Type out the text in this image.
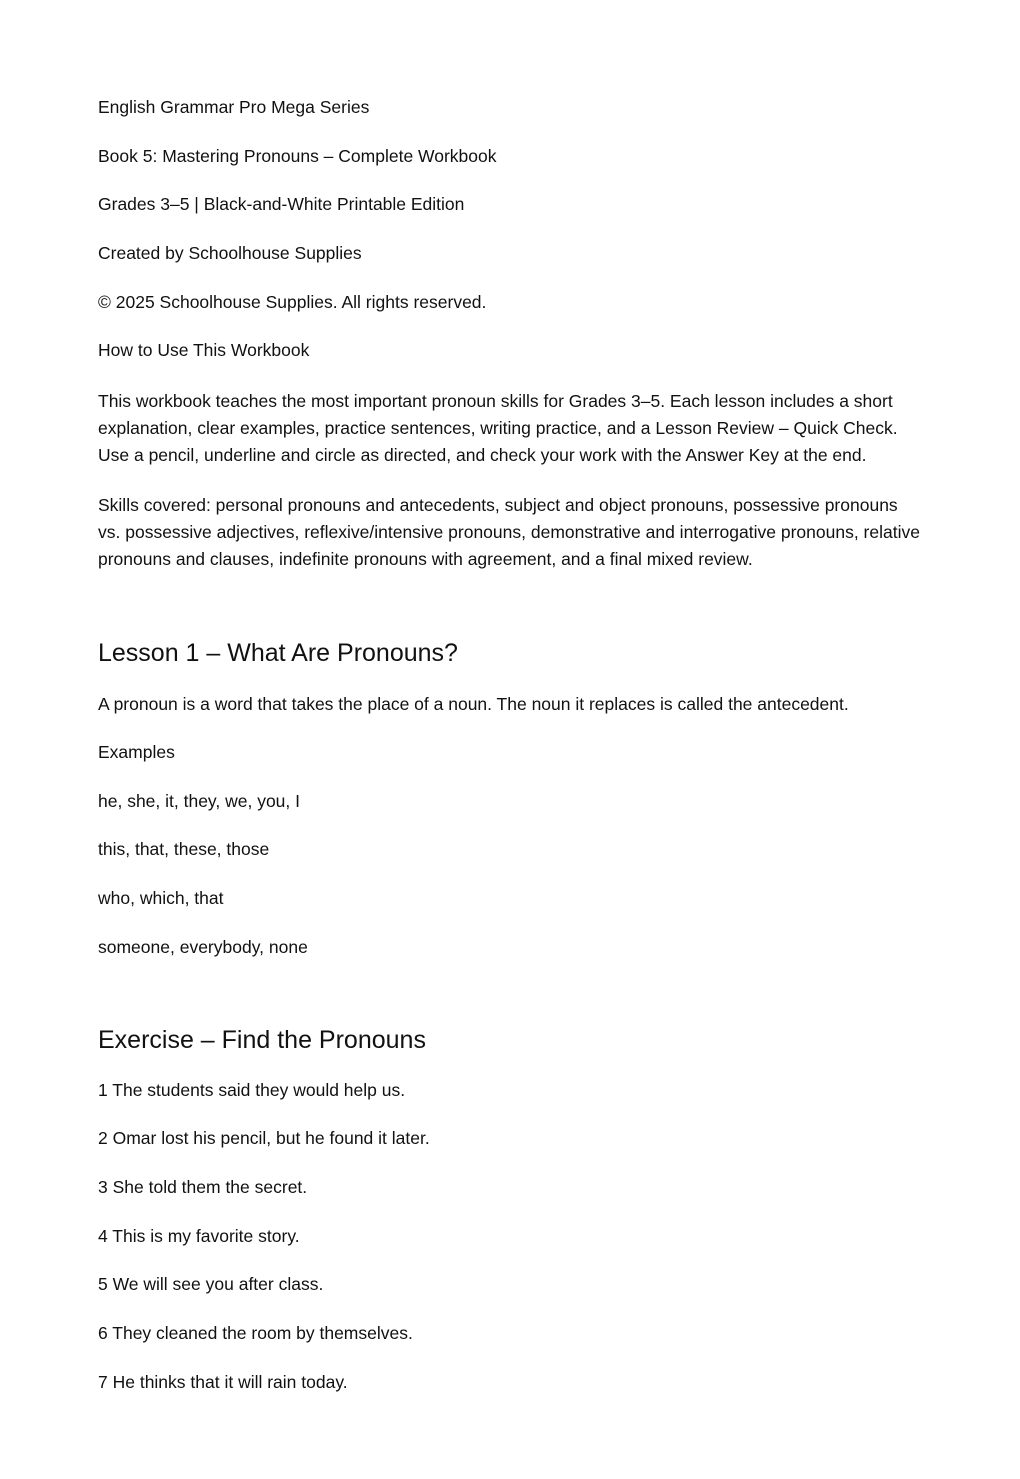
English Grammar Pro Mega Series

Book 5: Mastering Pronouns – Complete Workbook

Grades 3–5 | Black-and-White Printable Edition

Created by Schoolhouse Supplies

© 2025 Schoolhouse Supplies. All rights reserved.

How to Use This Workbook

This workbook teaches the most important pronoun skills for Grades 3–5. Each lesson includes a short explanation, clear examples, practice sentences, writing practice, and a Lesson Review – Quick Check. Use a pencil, underline and circle as directed, and check your work with the Answer Key at the end.

Skills covered: personal pronouns and antecedents, subject and object pronouns, possessive pronouns vs. possessive adjectives, reflexive/intensive pronouns, demonstrative and interrogative pronouns, relative pronouns and clauses, indefinite pronouns with agreement, and a final mixed review.

Lesson 1 – What Are Pronouns?

A pronoun is a word that takes the place of a noun. The noun it replaces is called the antecedent.

Examples

he, she, it, they, we, you, I

this, that, these, those

who, which, that

someone, everybody, none

Exercise – Find the Pronouns

1 The students said they would help us.

2 Omar lost his pencil, but he found it later.

3 She told them the secret.

4 This is my favorite story.

5 We will see you after class.

6 They cleaned the room by themselves.

7 He thinks that it will rain today.
